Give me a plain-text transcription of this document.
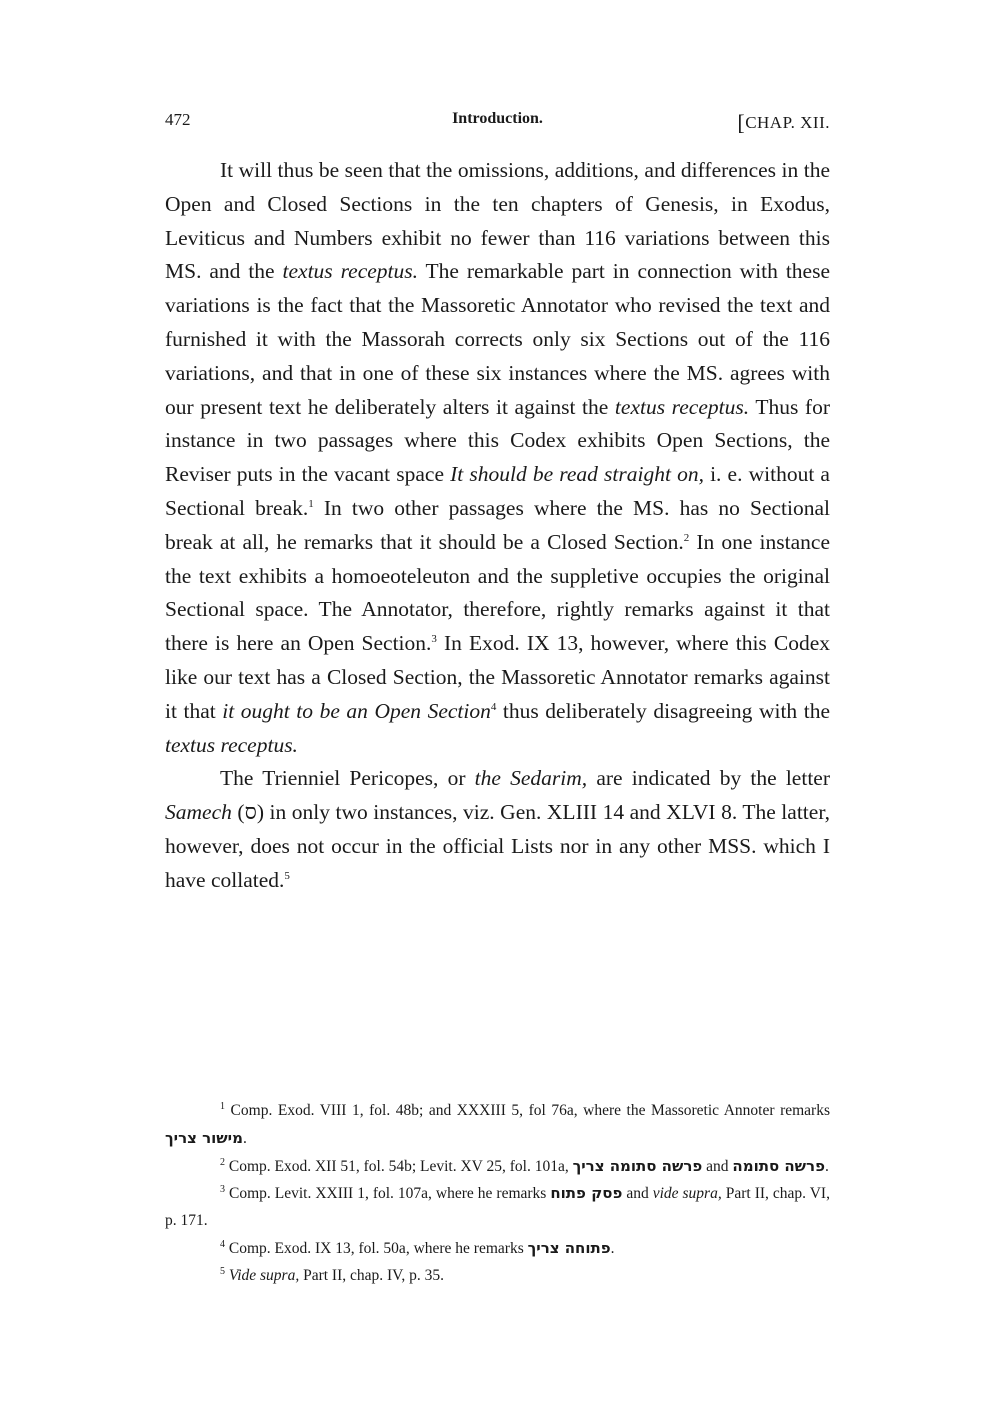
472	Introduction.	[CHAP. XII.

It will thus be seen that the omissions, additions, and differences in the Open and Closed Sections in the ten chapters of Genesis, in Exodus, Leviticus and Numbers exhibit no fewer than 116 variations between this MS. and the textus receptus. The remarkable part in connection with these variations is the fact that the Massoretic Annotator who revised the text and furnished it with the Massorah corrects only six Sections out of the 116 variations, and that in one of these six instances where the MS. agrees with our present text he deliberately alters it against the textus receptus. Thus for instance in two passages where this Codex exhibits Open Sections, the Reviser puts in the vacant space It should be read straight on, i. e. without a Sectional break.$^1$ In two other passages where the MS. has no Sectional break at all, he remarks that it should be a Closed Section.$^2$ In one instance the text exhibits a homoeoteleuton and the suppletive occupies the original Sectional space. The Annotator, therefore, rightly remarks against it that there is here an Open Section.$^3$ In Exod. IX 13, however, where this Codex like our text has a Closed Section, the Massoretic Annotator remarks against it that it ought to be an Open Section$^4$ thus deliberately disagreeing with the textus receptus.

The Trienniel Pericopes, or the Sedarim, are indicated by the letter Samech (ס) in only two instances, viz. Gen. XLIII 14 and XLVI 8. The latter, however, does not occur in the official Lists nor in any other MSS. which I have collated.$^5$

$^1$ Comp. Exod. VIII 1, fol. 48b; and XXXIII 5, fol 76a, where the Massoretic Annoter remarks מישור צריך.

$^2$ Comp. Exod. XII 51, fol. 54b; Levit. XV 25, fol. 101a, פרשה סתומה צריך and פרשה סתומה.

$^3$ Comp. Levit. XXIII 1, fol. 107a, where he remarks פסק פתוח and vide supra, Part II, chap. VI, p. 171.

$^4$ Comp. Exod. IX 13, fol. 50a, where he remarks פתוחה צריך.

$^5$ Vide supra, Part II, chap. IV, p. 35.
